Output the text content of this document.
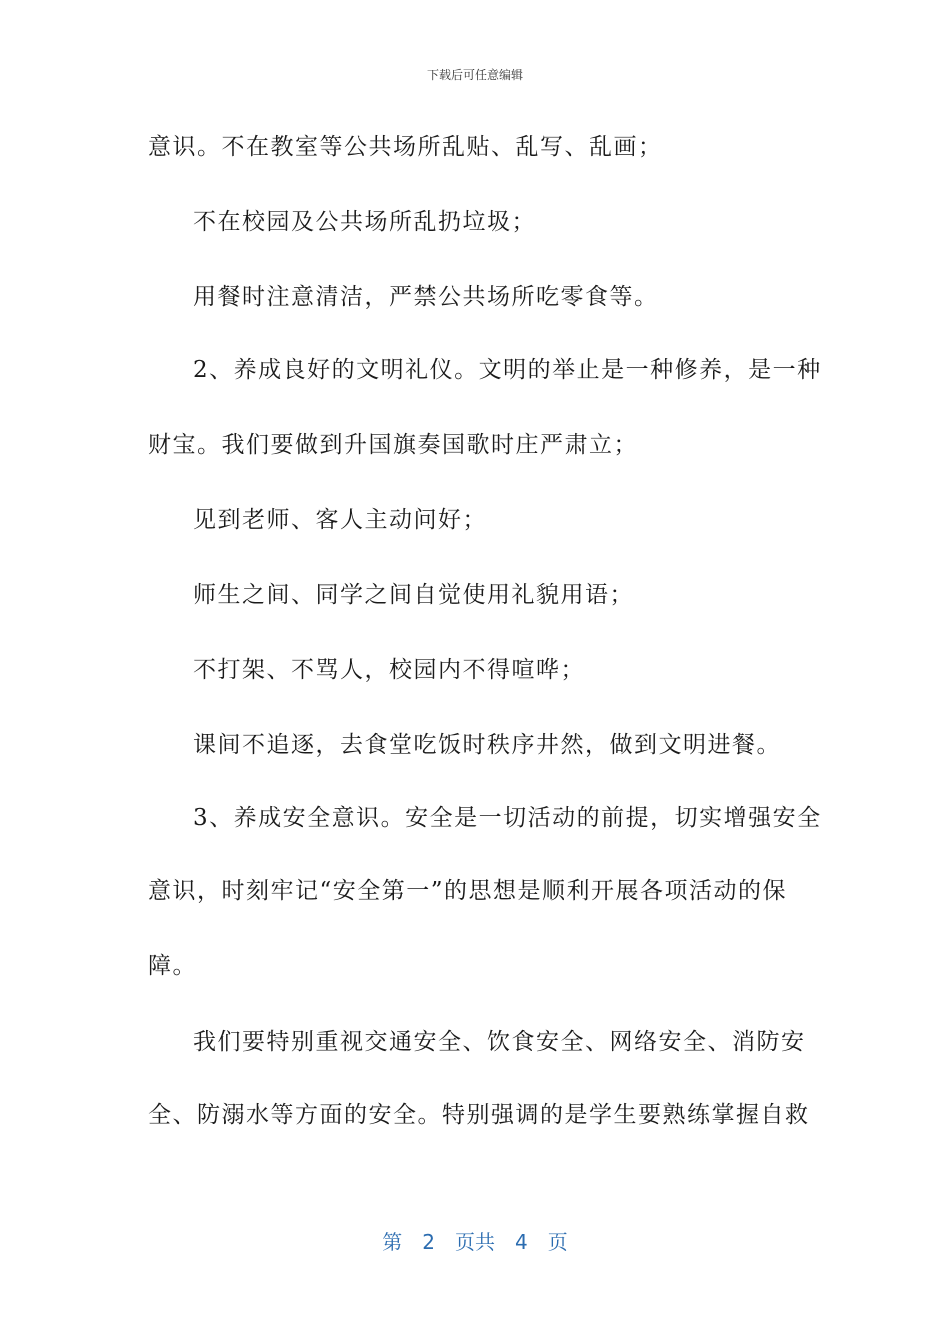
下载后可任意编辑
意识。不在教室等公共场所乱贴、乱写、乱画；
不在校园及公共场所乱扔垃圾；
用餐时注意清洁，严禁公共场所吃零食等。
2、养成良好的文明礼仪。文明的举止是一种修养，是一种
财宝。我们要做到升国旗奏国歌时庄严肃立；
见到老师、客人主动问好；
师生之间、同学之间自觉使用礼貌用语；
不打架、不骂人，校园内不得喧哗；
课间不追逐，去食堂吃饭时秩序井然，做到文明进餐。
3、养成安全意识。安全是一切活动的前提，切实增强安全
意识，时刻牢记“安全第一”的思想是顺利开展各项活动的保
障。
我们要特别重视交通安全、饮食安全、网络安全、消防安
全、防溺水等方面的安全。特别强调的是学生要熟练掌握自救
第 2 页共 4 页
